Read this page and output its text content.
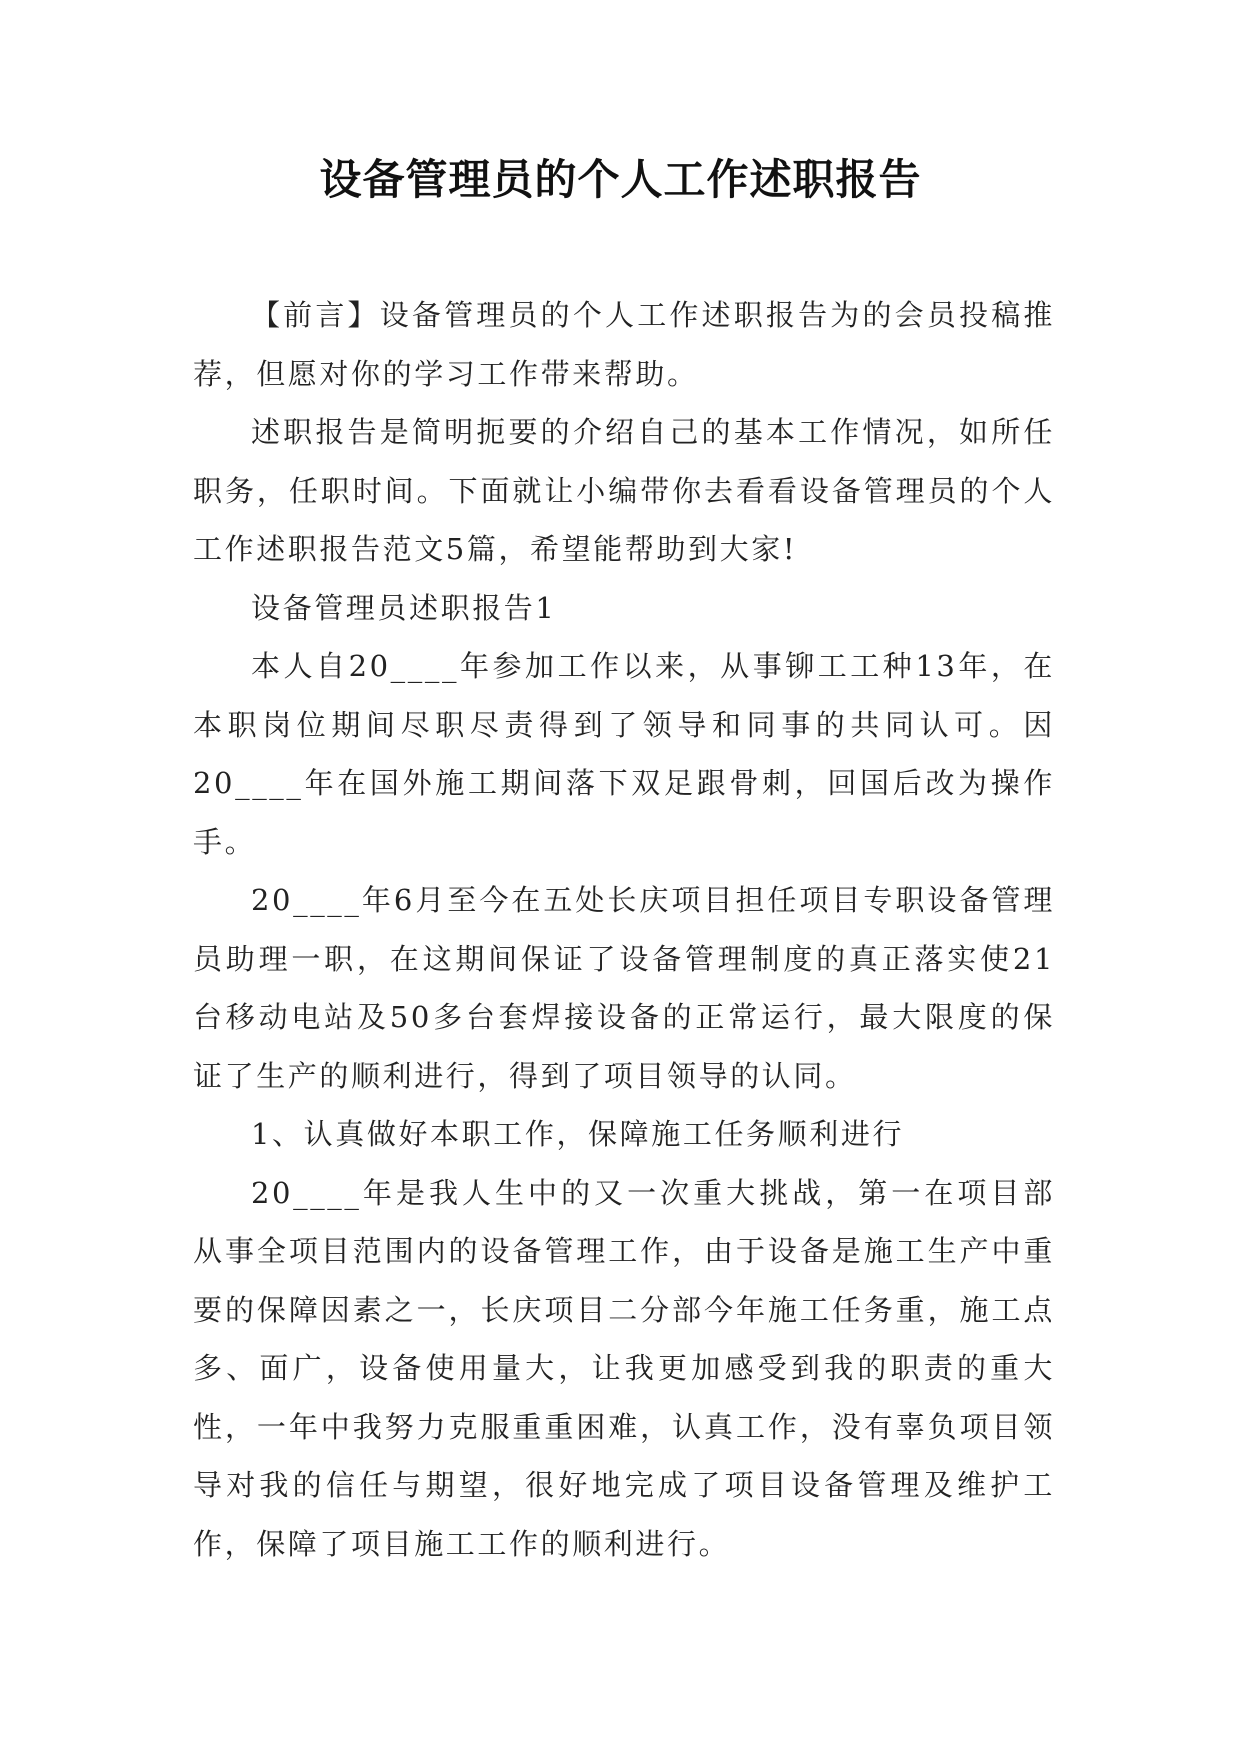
设备管理员的个人工作述职报告

【前言】设备管理员的个人工作述职报告为的会员投稿推荐，但愿对你的学习工作带来帮助。

述职报告是简明扼要的介绍自己的基本工作情况，如所任职务，任职时间。下面就让小编带你去看看设备管理员的个人工作述职报告范文5篇，希望能帮助到大家!

设备管理员述职报告1

本人自20____年参加工作以来，从事铆工工种13年，在本职岗位期间尽职尽责得到了领导和同事的共同认可。因20____年在国外施工期间落下双足跟骨刺，回国后改为操作手。

20____年6月至今在五处长庆项目担任项目专职设备管理员助理一职，在这期间保证了设备管理制度的真正落实使21台移动电站及50多台套焊接设备的正常运行，最大限度的保证了生产的顺利进行，得到了项目领导的认同。

1、认真做好本职工作，保障施工任务顺利进行

20____年是我人生中的又一次重大挑战，第一在项目部从事全项目范围内的设备管理工作，由于设备是施工生产中重要的保障因素之一，长庆项目二分部今年施工任务重，施工点多、面广，设备使用量大，让我更加感受到我的职责的重大性，一年中我努力克服重重困难，认真工作，没有辜负项目领导对我的信任与期望，很好地完成了项目设备管理及维护工作，保障了项目施工工作的顺利进行。
